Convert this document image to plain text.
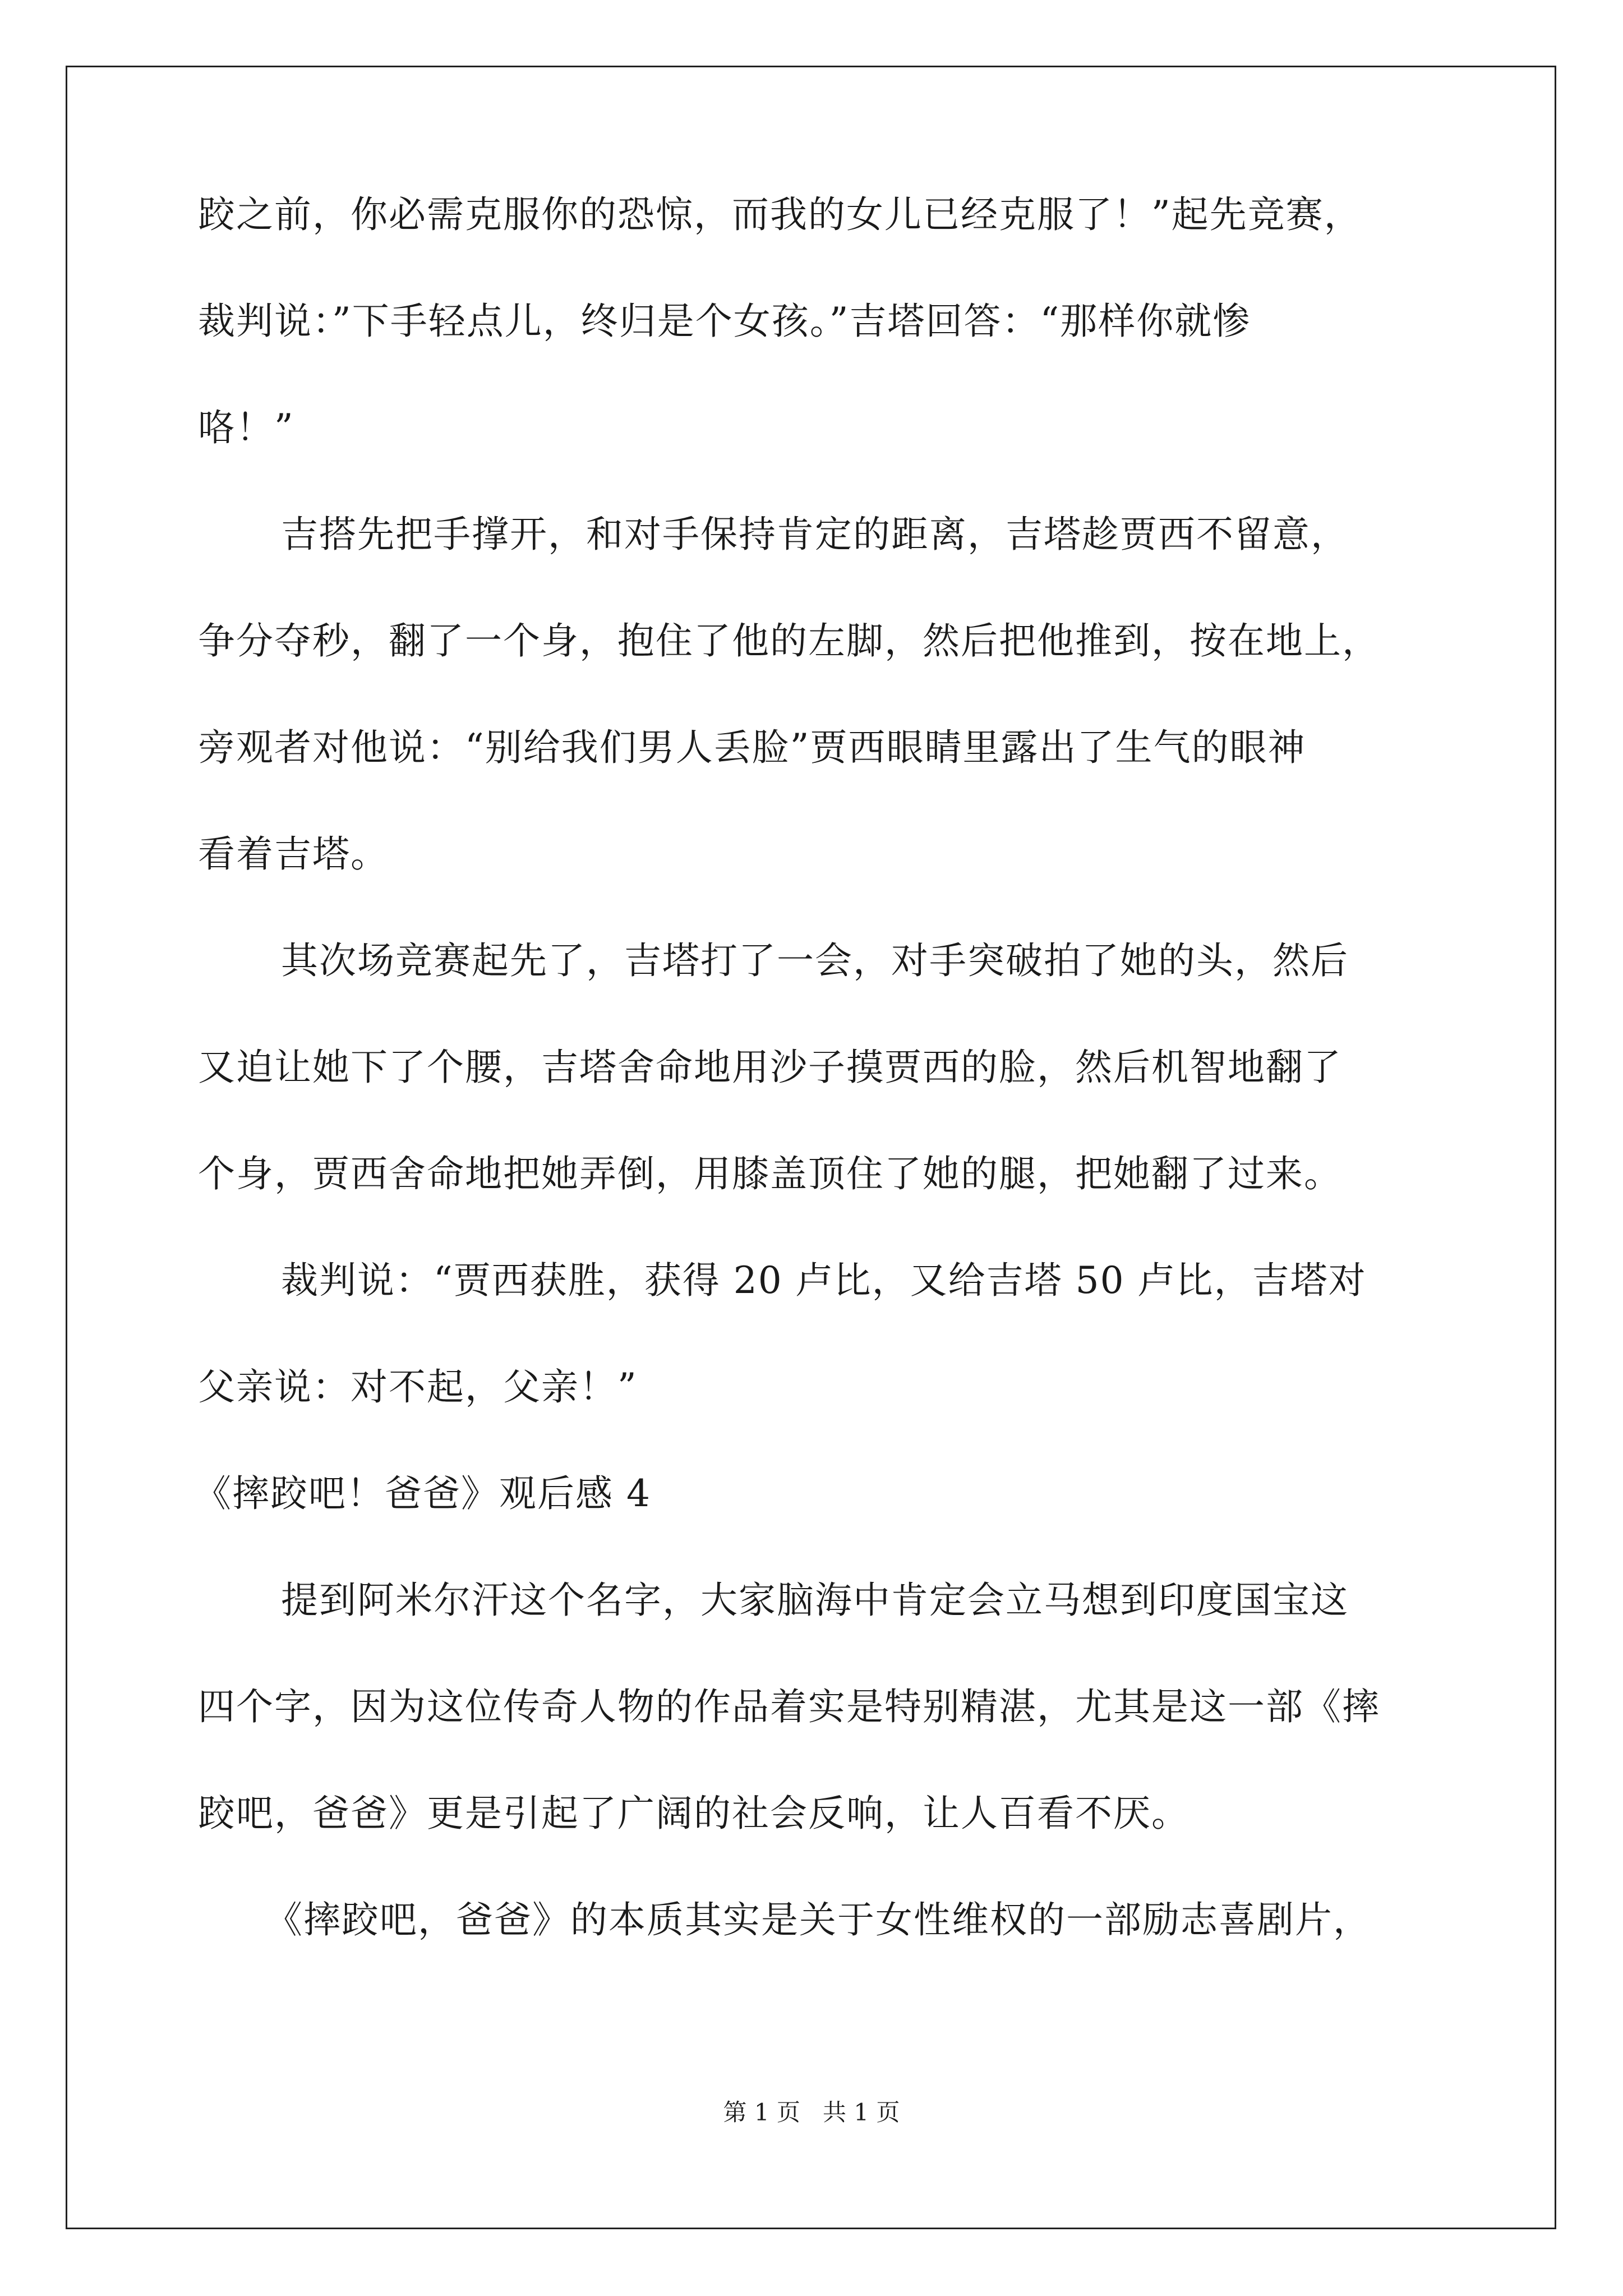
跤之前，你必需克服你的恐惊，而我的女儿已经克服了！”起先竞赛，
裁判说：”下手轻点儿，终归是个女孩。”吉塔回答：“那样你就惨
咯！”
吉搭先把手撑开，和对手保持肯定的距离，吉塔趁贾西不留意，
争分夺秒，翻了一个身，抱住了他的左脚，然后把他推到，按在地上，
旁观者对他说：“别给我们男人丢脸”贾西眼睛里露出了生气的眼神
看着吉塔。
其次场竞赛起先了，吉塔打了一会，对手突破拍了她的头，然后
又迫让她下了个腰，吉塔舍命地用沙子摸贾西的脸，然后机智地翻了
个身，贾西舍命地把她弄倒，用膝盖顶住了她的腿，把她翻了过来。
裁判说：“贾西获胜，获得 20 卢比，又给吉塔 50 卢比，吉塔对
父亲说：对不起，父亲！”
《摔跤吧！爸爸》观后感 4
提到阿米尔汗这个名字，大家脑海中肯定会立马想到印度国宝这
四个字，因为这位传奇人物的作品着实是特别精湛，尤其是这一部《摔
跤吧，爸爸》更是引起了广阔的社会反响，让人百看不厌。
《摔跤吧，爸爸》的本质其实是关于女性维权的一部励志喜剧片，
第 1 页   共 1 页
